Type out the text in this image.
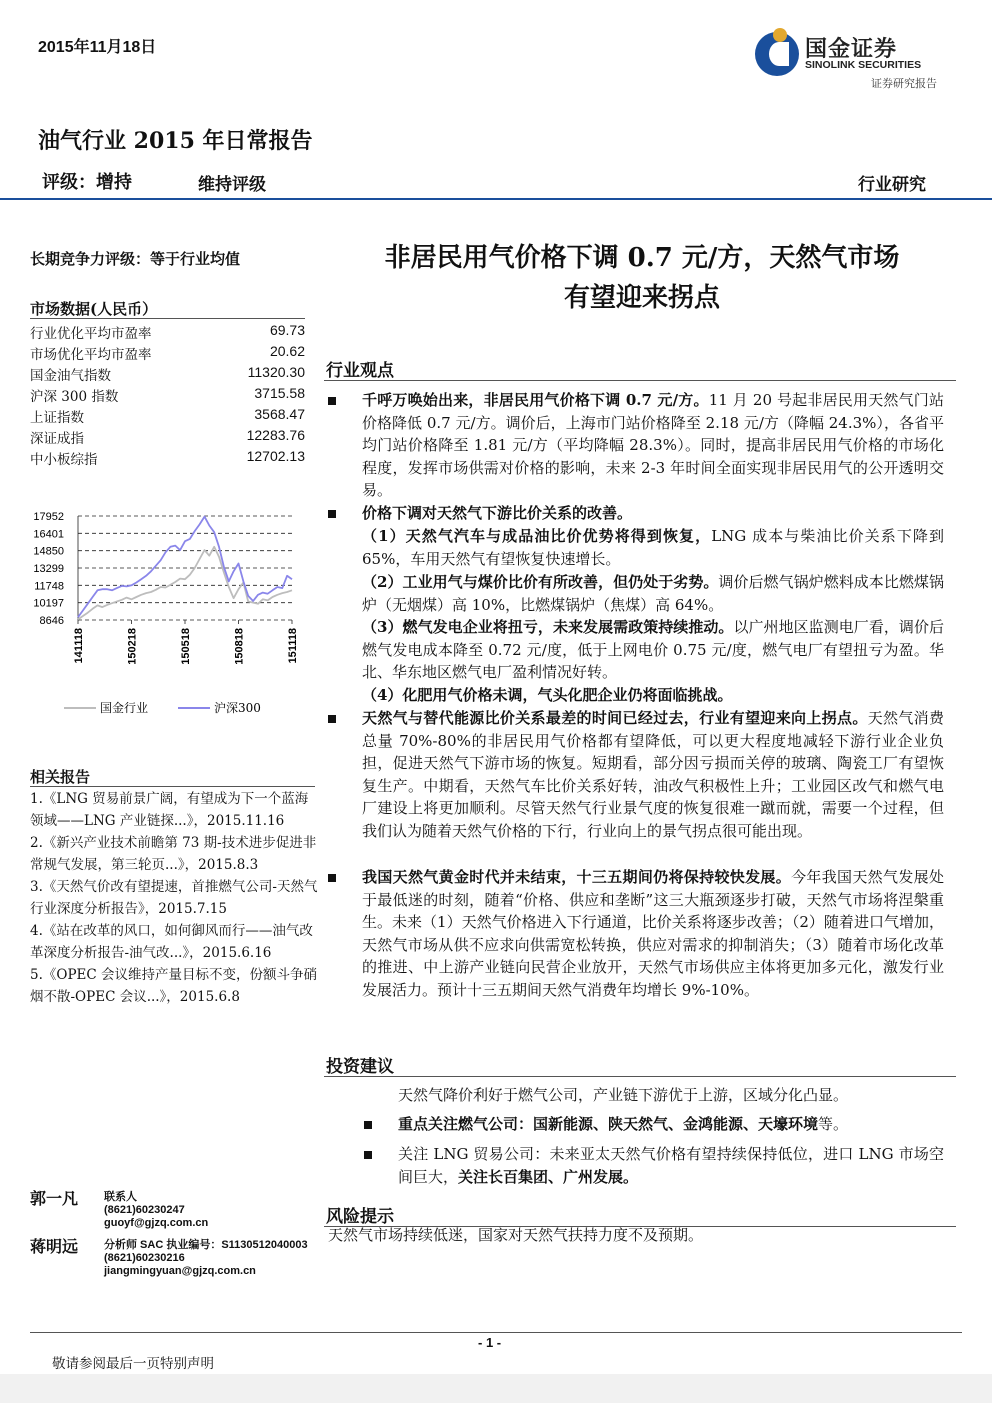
2015年11月18日	国金证券
SINOLINK SECURITIES
证券研究报告
油气行业 2015 年日常报告
评级：增持	维持评级	行业研究
长期竞争力评级：等于行业均值
市场数据(人民币）
行业优化平均市盈率	69.73
市场优化平均市盈率	20.62
国金油气指数	11320.30
沪深 300 指数	3715.58
上证指数	3568.47
深证成指	12283.76
中小板综指	12702.13
17952
16401
14850
13299
11748
10197
8646
141118	150218	150518	150818	151118
国金行业	沪深300
相关报告
1.《LNG 贸易前景广阔，有望成为下一个蓝海领域——LNG 产业链探...》，2015.11.16
2.《新兴产业技术前瞻第 73 期-技术进步促进非常规气发展，第三轮页...》，2015.8.3
3.《天然气价改有望提速，首推燃气公司-天然气行业深度分析报告》，2015.7.15
4.《站在改革的风口，如何御风而行——油气改革深度分析报告-油气改...》，2015.6.16
5.《OPEC 会议维持产量目标不变，份额斗争硝烟不散-OPEC 会议...》，2015.6.8
郭一凡 联系人
(8621)60230247
guoyf@gjzq.com.cn
蒋明远 分析师 SAC 执业编号：S1130512040003
(8621)60230216
jiangmingyuan@gjzq.com.cn
非居民用气价格下调 0.7 元/方，天然气市场
有望迎来拐点
行业观点
千呼万唤始出来，非居民用气价格下调 0.7 元/方。11 月 20 号起非居民用天然气门站价格降低 0.7 元/方。调价后，上海市门站价格降至 2.18 元/方（降幅 24.3%），各省平均门站价格降至 1.81 元/方（平均降幅 28.3%）。同时，提高非居民用气价格的市场化程度，发挥市场供需对价格的影响，未来 2-3 年时间全面实现非居民用气的公开透明交易。
价格下调对天然气下游比价关系的改善。
（1）天然气汽车与成品油比价优势将得到恢复，LNG 成本与柴油比价关系下降到 65%，车用天然气有望恢复快速增长。
（2）工业用气与煤价比价有所改善，但仍处于劣势。调价后燃气锅炉燃料成本比燃煤锅炉（无烟煤）高 10%，比燃煤锅炉（焦煤）高 64%。
（3）燃气发电企业将扭亏，未来发展需政策持续推动。以广州地区监测电厂看，调价后燃气发电成本降至 0.72 元/度，低于上网电价 0.75 元/度，燃气电厂有望扭亏为盈。华北、华东地区燃气电厂盈利情况好转。
（4）化肥用气价格未调，气头化肥企业仍将面临挑战。
天然气与替代能源比价关系最差的时间已经过去，行业有望迎来向上拐点。天然气消费总量 70%-80%的非居民用气价格都有望降低，可以更大程度地减轻下游行业企业负担，促进天然气下游市场的恢复。短期看，部分因亏损而关停的玻璃、陶瓷工厂有望恢复生产。中期看，天然气车比价关系好转，油改气积极性上升；工业园区改气和燃气电厂建设上将更加顺利。尽管天然气行业景气度的恢复很难一蹴而就，需要一个过程，但我们认为随着天然气价格的下行，行业向上的景气拐点很可能出现。
我国天然气黄金时代并未结束，十三五期间仍将保持较快发展。今年我国天然气发展处于最低迷的时刻，随着“价格、供应和垄断”这三大瓶颈逐步打破，天然气市场将涅槃重生。未来（1）天然气价格进入下行通道，比价关系将逐步改善；（2）随着进口气增加，天然气市场从供不应求向供需宽松转换，供应对需求的抑制消失；（3）随着市场化改革的推进、中上游产业链向民营企业放开，天然气市场供应主体将更加多元化，激发行业发展活力。预计十三五期间天然气消费年均增长 9%-10%。
投资建议
天然气降价利好于燃气公司，产业链下游优于上游，区域分化凸显。
重点关注燃气公司：国新能源、陕天然气、金鸿能源、天壕环境等。
关注 LNG 贸易公司：未来亚太天然气价格有望持续保持低位，进口 LNG 市场空间巨大，关注长百集团、广州发展。
风险提示
天然气市场持续低迷，国家对天然气扶持力度不及预期。
- 1 -
敬请参阅最后一页特别声明
